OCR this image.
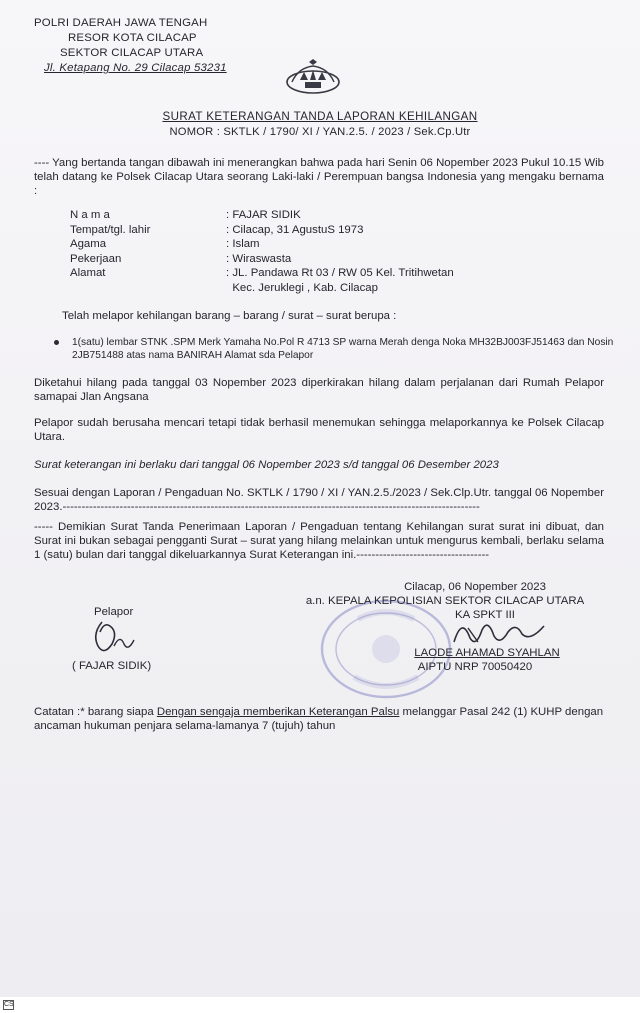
POLRI DAERAH JAWA TENGAH
RESOR KOTA CILACAP
SEKTOR CILACAP UTARA
Jl. Ketapang No. 29 Cilacap 53231
SURAT KETERANGAN TANDA LAPORAN KEHILANGAN
NOMOR : SKTLK / 1790/ XI / YAN.2.5. / 2023 / Sek.Cp.Utr
---- Yang bertanda tangan dibawah ini menerangkan bahwa pada hari Senin 06 Nopember 2023 Pukul 10.15 Wib telah datang ke Polsek Cilacap Utara seorang Laki-laki / Perempuan bangsa Indonesia yang mengaku bernama :
N a m a	: FAJAR SIDIK
Tempat/tgl. lahir	: Cilacap, 31 AgustuS 1973
Agama	: Islam
Pekerjaan	: Wiraswasta
Alamat	: JL. Pandawa Rt 03 / RW 05 Kel. Tritihwetan
Kec. Jeruklegi , Kab. Cilacap
Telah melapor kehilangan barang – barang / surat – surat berupa :
1(satu) lembar STNK .SPM Merk Yamaha No.Pol R 4713 SP warna Merah denga Noka MH32BJ003FJ51463 dan Nosin 2JB751488 atas nama BANIRAH Alamat sda Pelapor
Diketahui hilang pada tanggal 03 Nopember 2023 diperkirakan hilang dalam perjalanan dari Rumah Pelapor samapai Jlan Angsana
Pelapor sudah berusaha mencari tetapi tidak berhasil menemukan sehingga melaporkannya ke Polsek Cilacap Utara.
Surat keterangan ini berlaku dari tanggal 06 Nopember 2023 s/d tanggal 06 Desember 2023
Sesuai dengan Laporan / Pengaduan No. SKTLK / 1790 / XI / YAN.2.5./2023 / Sek.Clp.Utr. tanggal 06 Nopember 2023.--------------------------------------------------------------------------------------------------------------
----- Demikian Surat Tanda Penerimaan Laporan / Pengaduan tentang Kehilangan surat surat ini dibuat, dan Surat ini bukan sebagai pengganti Surat – surat yang hilang melainkan untuk mengurus kembali, berlaku selama 1 (satu) bulan dari tanggal dikeluarkannya Surat Keterangan ini.-----------------------------------
Cilacap, 06 Nopember 2023
a.n. KEPALA KEPOLISIAN SEKTOR CILACAP UTARA
KA SPKT III
LAODE AHAMAD SYAHLAN
AIPTU NRP 70050420
Pelapor
( FAJAR SIDIK)
Catatan :* barang siapa Dengan sengaja memberikan Keterangan Palsu melanggar Pasal 242 (1) KUHP dengan ancaman hukuman penjara selama-lamanya 7 (tujuh) tahun
CS
